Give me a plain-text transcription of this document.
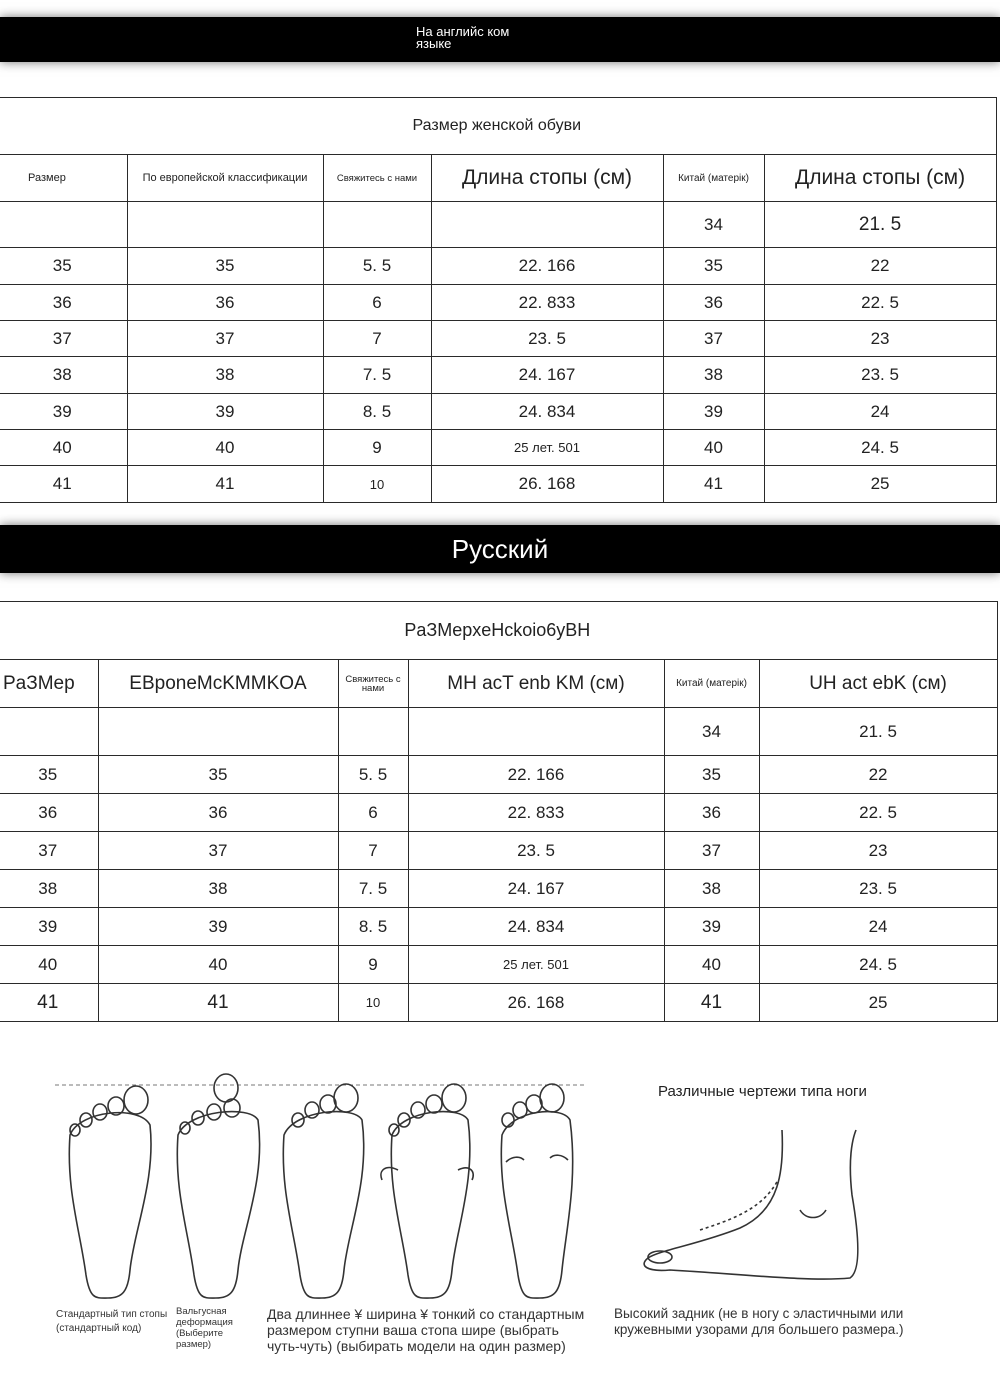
На английс ком языке
Размер женской обуви					
Размер	По европейской классификации	Свяжитесь с нами	Длина стопы (см)	Китай (матерік)	Длина стопы (см)
				34	21. 5
35	35	5. 5	22. 166	35	22
36	36	6	22. 833	36	22. 5
37	37	7	23. 5	37	23
38	38	7. 5	24. 167	38	23. 5
39	39	8. 5	24. 834	39	24
40	40	9	25 лет. 501	40	24. 5
41	41	10	26. 168	41	25
Русский
PaЗMepxeHckoio6yBH					
PaЗMep	EBponeMcKMMKOA	Свяжитесь с нами	MH acT enb KM (см)	Китай (матерік)	UH act ebK (см)
				34	21. 5
35	35	5. 5	22. 166	35	22
36	36	6	22. 833	36	22. 5
37	37	7	23. 5	37	23
38	38	7. 5	24. 167	38	23. 5
39	39	8. 5	24. 834	39	24
40	40	9	25 лет. 501	40	24. 5
41	41	10	26. 168	41	25
Различные чертежи типа ноги
Стандартный тип стопы (стандартный код)
Вальгусная деформация (Выберите размер)
Два длиннее ¥ ширина ¥ тонкий со стандартным размером ступни ваша стопа шире (выбрать чуть-чуть) (выбирать модели на один размер)
Высокий задник (не в ногу с эластичными или кружевными узорами для большего размера.)
